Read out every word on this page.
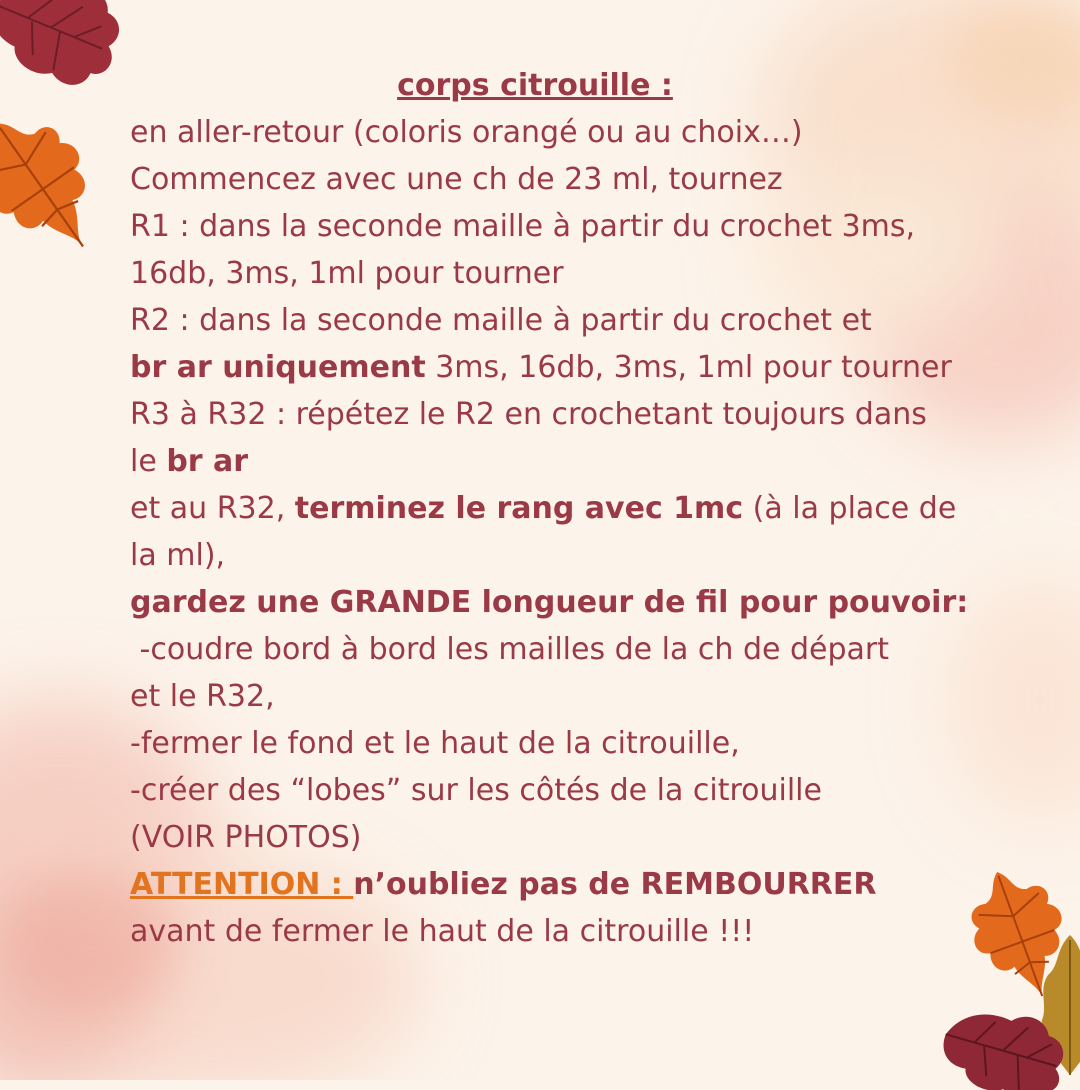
corps citrouille :

en aller-retour (coloris orangé ou au choix…)

Commencez avec une ch de 23 ml, tournez

R1 : dans la seconde maille à partir du crochet 3ms,

16db, 3ms, 1ml pour tourner

R2 : dans la seconde maille à partir du crochet et

br ar uniquement 3ms, 16db, 3ms, 1ml pour tourner

R3 à R32 : répétez le R2 en crochetant toujours dans

le br ar

et au R32, terminez le rang avec 1mc (à la place de

la ml),

gardez une GRANDE longueur de fil pour pouvoir:

-coudre bord à bord les mailles de la ch de départ

et le R32,

-fermer le fond et le haut de la citrouille,

-créer des “lobes” sur les côtés de la citrouille

(VOIR PHOTOS)

ATTENTION : n’oubliez pas de REMBOURRER

avant de fermer le haut de la citrouille !!!
